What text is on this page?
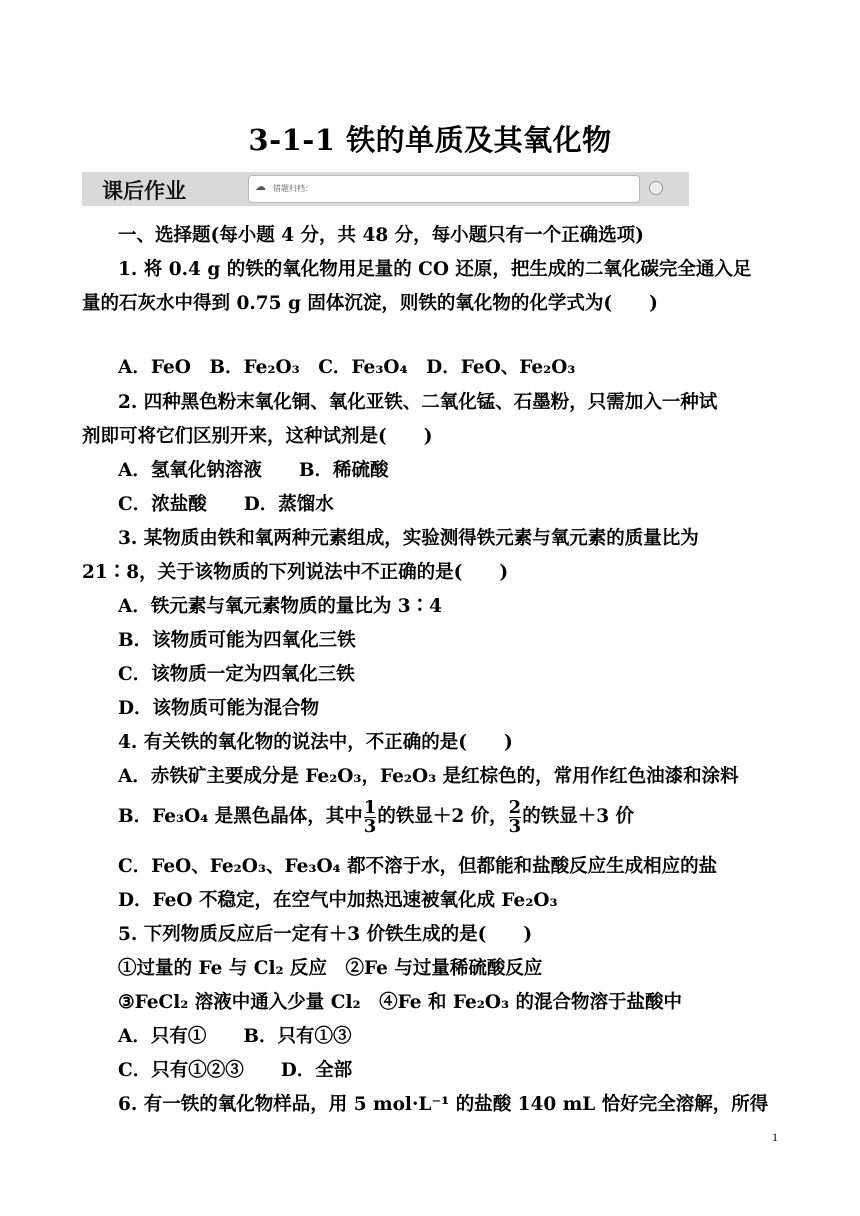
3-1-1 铁的单质及其氧化物
课后作业	☁ 错题归档：
一、选择题(每小题 4 分，共 48 分，每小题只有一个正确选项)
1. 将 0.4 g 的铁的氧化物用足量的 CO 还原，把生成的二氧化碳完全通入足
量的石灰水中得到 0.75 g 固体沉淀，则铁的氧化物的化学式为(　　)
A．FeO　B．Fe₂O₃　C．Fe₃O₄　D．FeO、Fe₂O₃
2. 四种黑色粉末氧化铜、氧化亚铁、二氧化锰、石墨粉，只需加入一种试
剂即可将它们区别开来，这种试剂是(　　)
A．氢氧化钠溶液　　B．稀硫酸
C．浓盐酸　　D．蒸馏水
3. 某物质由铁和氧两种元素组成，实验测得铁元素与氧元素的质量比为
21∶8，关于该物质的下列说法中不正确的是(　　)
A．铁元素与氧元素物质的量比为 3∶4
B．该物质可能为四氧化三铁
C．该物质一定为四氧化三铁
D．该物质可能为混合物
4. 有关铁的氧化物的说法中，不正确的是(　　)
A．赤铁矿主要成分是 Fe₂O₃，Fe₂O₃ 是红棕色的，常用作红色油漆和涂料
B．Fe₃O₄ 是黑色晶体，其中 $\frac{1}{3}$ 的铁显＋2 价， $\frac{2}{3}$ 的铁显＋3 价
C．FeO、Fe₂O₃、Fe₃O₄ 都不溶于水，但都能和盐酸反应生成相应的盐
D．FeO 不稳定，在空气中加热迅速被氧化成 Fe₂O₃
5. 下列物质反应后一定有＋3 价铁生成的是(　　)
①过量的 Fe 与 Cl₂ 反应　②Fe 与过量稀硫酸反应
③FeCl₂ 溶液中通入少量 Cl₂　④Fe 和 Fe₂O₃ 的混合物溶于盐酸中
A．只有①　　B．只有①③
C．只有①②③　　D．全部
6. 有一铁的氧化物样品，用 5 mol·L⁻¹ 的盐酸 140 mL 恰好完全溶解，所得
1
